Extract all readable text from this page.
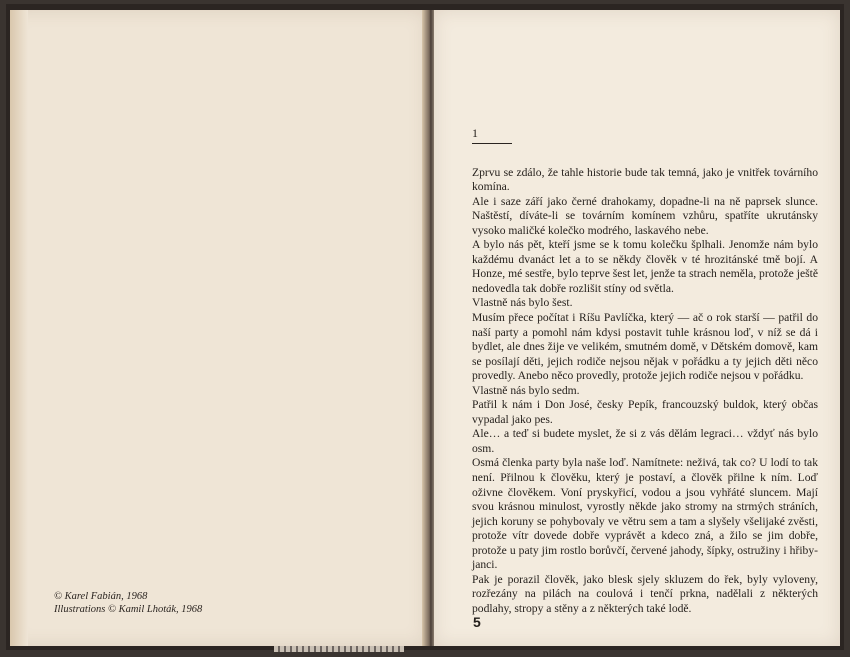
© Karel Fabián, 1968

Illustrations © Kamil Lhoták, 1968

1

Zprvu se zdálo, že tahle historie bude tak temná, jako je vnitřek továrního komína.

Ale i saze září jako černé drahokamy, dopadne-li na ně paprsek slunce. Naštěstí, díváte-li se továrním komínem vzhůru, spatříte ukrutánsky vysoko maličké kolečko modrého, laskavého nebe.

A bylo nás pět, kteří jsme se k tomu kolečku šplhali. Jenomže nám bylo každému dvanáct let a to se někdy člověk v té hrozitánské tmě bojí. A Honze, mé sestře, bylo teprve šest let, jenže ta strach neměla, protože ještě nedovedla tak dobře rozlišit stíny od světla.

Vlastně nás bylo šest.

Musím přece počítat i Ríšu Pavlíčka, který — ač o rok starší — patřil do naší party a pomohl nám kdysi postavit tuhle krásnou loď, v níž se dá i bydlet, ale dnes žije ve velikém, smutném domě, v Dětském domově, kam se posílají děti, jejich rodiče nejsou nějak v pořádku a ty jejich děti něco provedly. Anebo něco provedly, protože jejich rodiče nejsou v pořádku.

Vlastně nás bylo sedm.

Patřil k nám i Don José, česky Pepík, francouzský buldok, který občas vypadal jako pes.

Ale… a teď si budete myslet, že si z vás dělám legraci… vždyť nás bylo osm.

Osmá členka party byla naše loď. Namítnete: neživá, tak co? U lodí to tak není. Přilnou k člověku, který je postaví, a člověk přilne k ním. Loď oživne člověkem. Voní pryskyřicí, vodou a jsou vyhřáté sluncem. Mají svou krásnou minulost, vyrostly někde jako stromy na strmých stráních, jejich koruny se pohybovaly ve větru sem a tam a slyšely všelijaké zvěsti, protože vítr dovede dobře vyprávět a kdeco zná, a žilo se jim dobře, protože u paty jim rostlo borůvčí, červené jahody, šípky, ostružiny i hřiby-janci.

Pak je porazil člověk, jako blesk sjely skluzem do řek, byly vyloveny, rozřezány na pilách na coulová i tenčí prkna, nadělali z některých podlahy, stropy a stěny a z některých také lodě.

5
